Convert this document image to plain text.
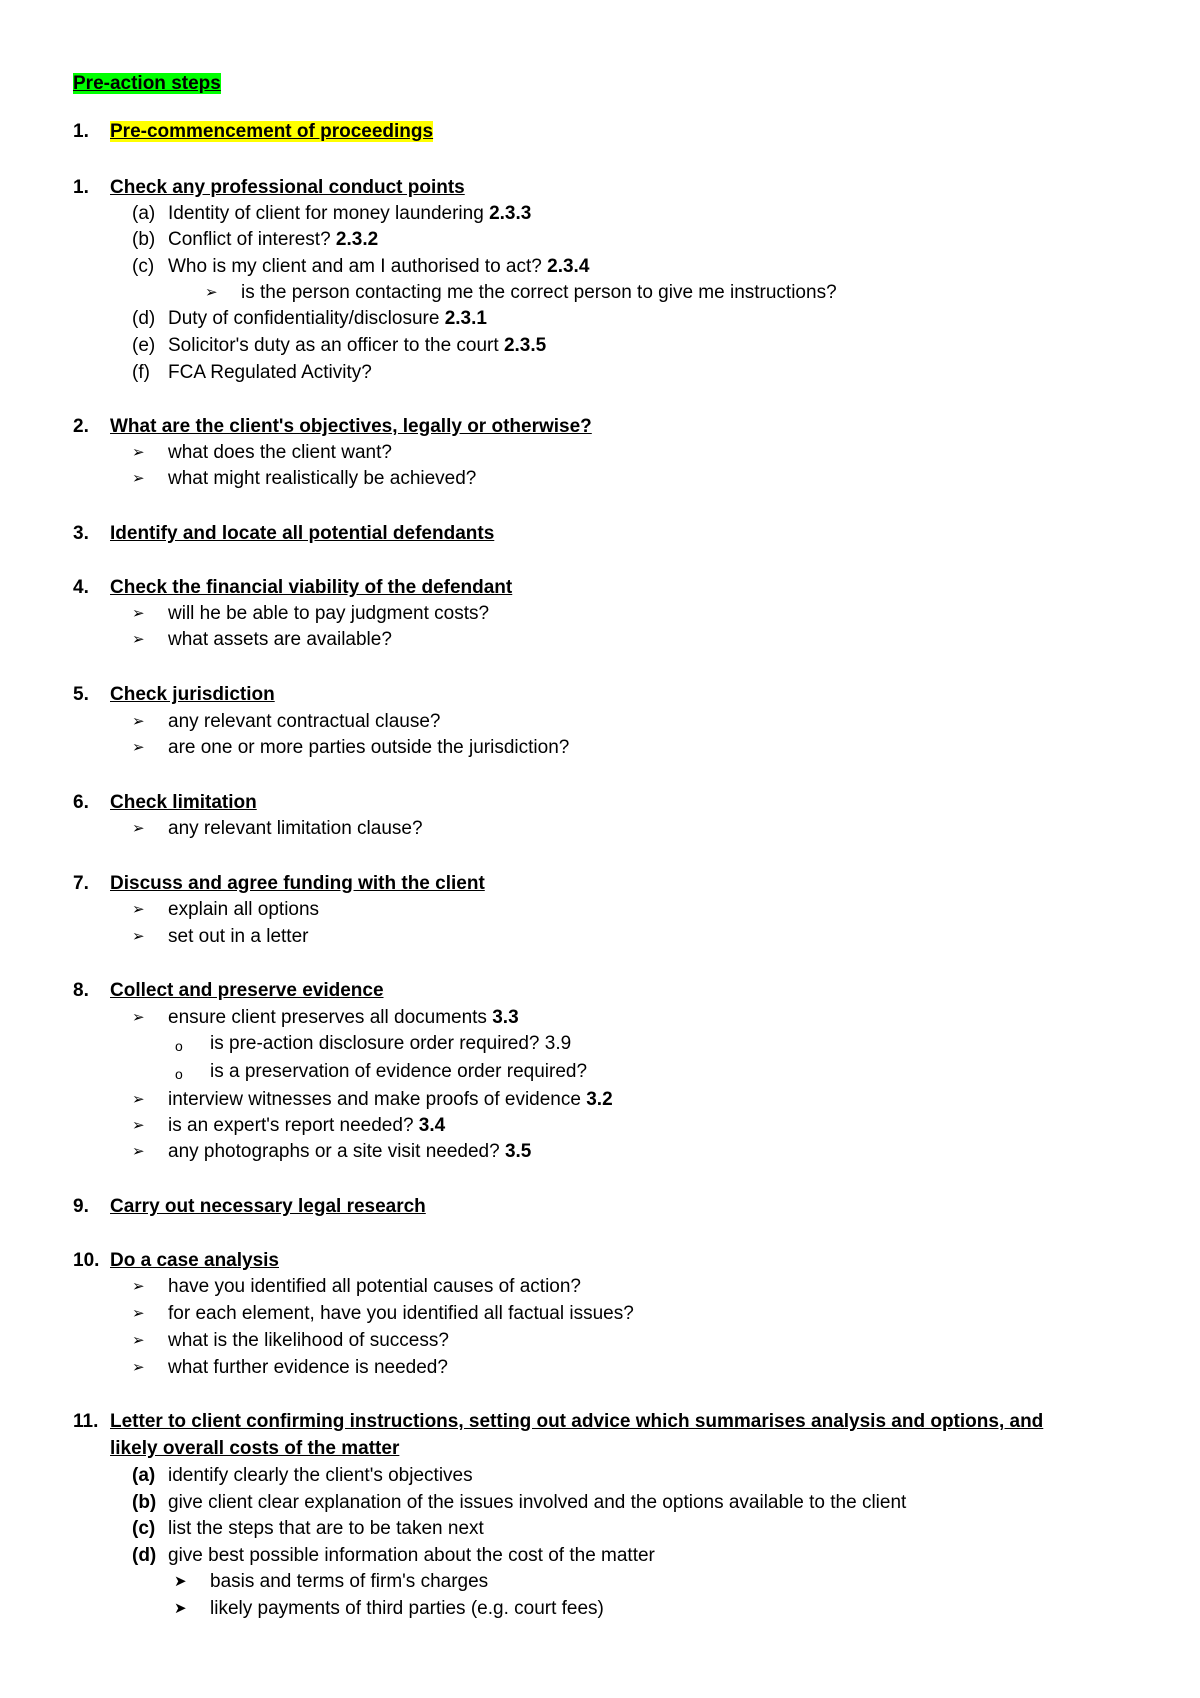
Pre-action steps
1. Pre-commencement of proceedings
1. Check any professional conduct points
(a) Identity of client for money laundering 2.3.3
(b) Conflict of interest? 2.3.2
(c) Who is my client and am I authorised to act? 2.3.4
➢ is the person contacting me the correct person to give me instructions?
(d) Duty of confidentiality/disclosure 2.3.1
(e) Solicitor's duty as an officer to the court 2.3.5
(f) FCA Regulated Activity?
2. What are the client's objectives, legally or otherwise?
➢ what does the client want?
➢ what might realistically be achieved?
3. Identify and locate all potential defendants
4. Check the financial viability of the defendant
➢ will he be able to pay judgment costs?
➢ what assets are available?
5. Check jurisdiction
➢ any relevant contractual clause?
➢ are one or more parties outside the jurisdiction?
6. Check limitation
➢ any relevant limitation clause?
7. Discuss and agree funding with the client
➢ explain all options
➢ set out in a letter
8. Collect and preserve evidence
➢ ensure client preserves all documents 3.3
o is pre-action disclosure order required? 3.9
o is a preservation of evidence order required?
➢ interview witnesses and make proofs of evidence 3.2
➢ is an expert's report needed? 3.4
➢ any photographs or a site visit needed? 3.5
9. Carry out necessary legal research
10. Do a case analysis
➢ have you identified all potential causes of action?
➢ for each element, have you identified all factual issues?
➢ what is the likelihood of success?
➢ what further evidence is needed?
11. Letter to client confirming instructions, setting out advice which summarises analysis and options, and
likely overall costs of the matter
(a) identify clearly the client's objectives
(b) give client clear explanation of the issues involved and the options available to the client
(c) list the steps that are to be taken next
(d) give best possible information about the cost of the matter
➤ basis and terms of firm's charges
➤ likely payments of third parties (e.g. court fees)
